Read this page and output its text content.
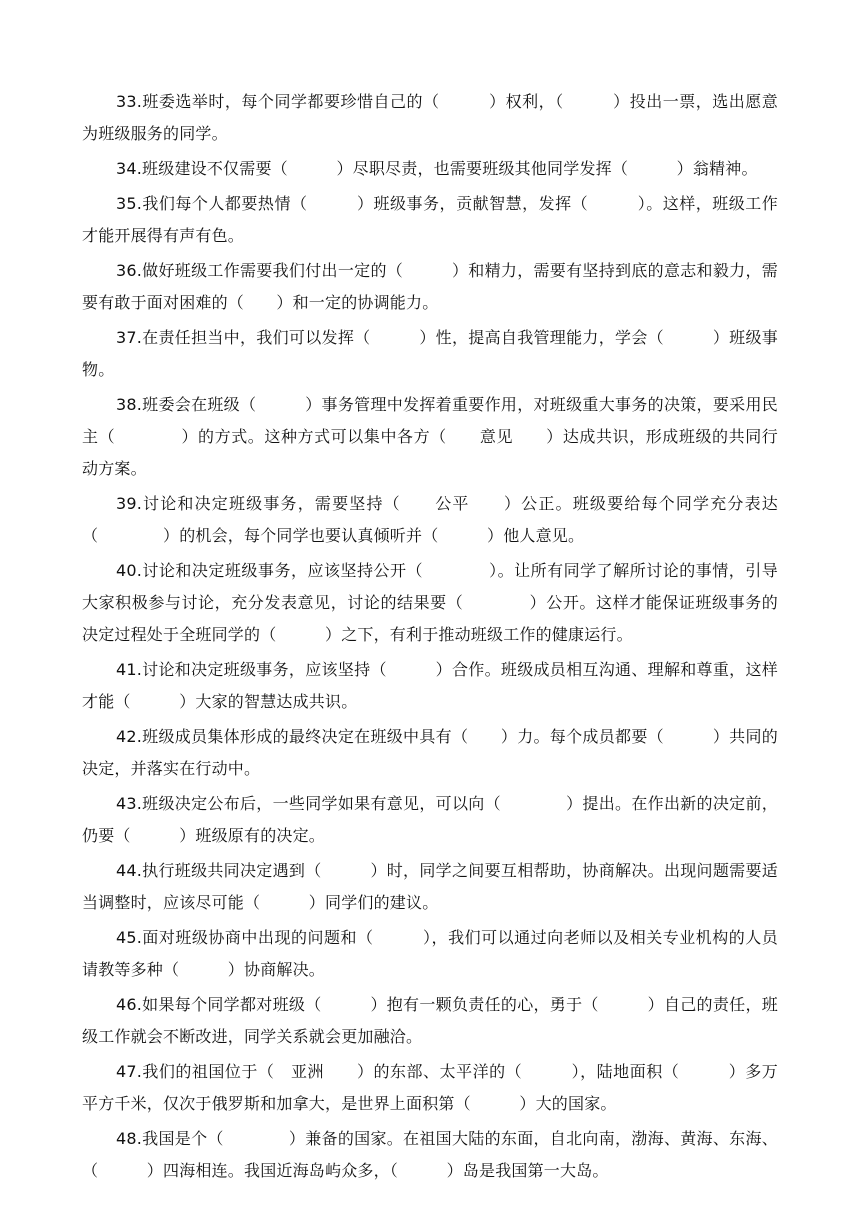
33.班委选举时，每个同学都要珍惜自己的（　　　）权利，（　　　）投出一票，选出愿意为班级服务的同学。

34.班级建设不仅需要（　　　）尽职尽责，也需要班级其他同学发挥（　　　）翁精神。

35.我们每个人都要热情（　　　）班级事务，贡献智慧，发挥（　　　）。这样，班级工作才能开展得有声有色。

36.做好班级工作需要我们付出一定的（　　　）和精力，需要有坚持到底的意志和毅力，需要有敢于面对困难的（　　）和一定的协调能力。

37.在责任担当中，我们可以发挥（　　　）性，提高自我管理能力，学会（　　　）班级事物。

38.班委会在班级（　　　）事务管理中发挥着重要作用，对班级重大事务的决策，要采用民主（　　　　）的方式。这种方式可以集中各方（　　意见　　）达成共识，形成班级的共同行动方案。

39.讨论和决定班级事务，需要坚持（　　公平　　）公正。班级要给每个同学充分表达（　　　　）的机会，每个同学也要认真倾听并（　　　）他人意见。

40.讨论和决定班级事务，应该坚持公开（　　　　）。让所有同学了解所讨论的事情，引导大家积极参与讨论，充分发表意见，讨论的结果要（　　　　）公开。这样才能保证班级事务的决定过程处于全班同学的（　　　）之下，有利于推动班级工作的健康运行。

41.讨论和决定班级事务，应该坚持（　　　）合作。班级成员相互沟通、理解和尊重，这样才能（　　　）大家的智慧达成共识。

42.班级成员集体形成的最终决定在班级中具有（　　）力。每个成员都要（　　　）共同的决定，并落实在行动中。

43.班级决定公布后，一些同学如果有意见，可以向（　　　　）提出。在作出新的决定前，仍要（　　　）班级原有的决定。

44.执行班级共同决定遇到（　　　）时，同学之间要互相帮助，协商解决。出现问题需要适当调整时，应该尽可能（　　　）同学们的建议。

45.面对班级协商中出现的问题和（　　　），我们可以通过向老师以及相关专业机构的人员请教等多种（　　　）协商解决。

46.如果每个同学都对班级（　　　）抱有一颗负责任的心，勇于（　　　）自己的责任，班级工作就会不断改进，同学关系就会更加融洽。

47.我们的祖国位于（　亚洲　　）的东部、太平洋的（　　　），陆地面积（　　　）多万平方千米，仅次于俄罗斯和加拿大，是世界上面积第（　　　）大的国家。

48.我国是个（　　　　）兼备的国家。在祖国大陆的东面，自北向南，渤海、黄海、东海、（　　　）四海相连。我国近海岛屿众多，（　　　）岛是我国第一大岛。
